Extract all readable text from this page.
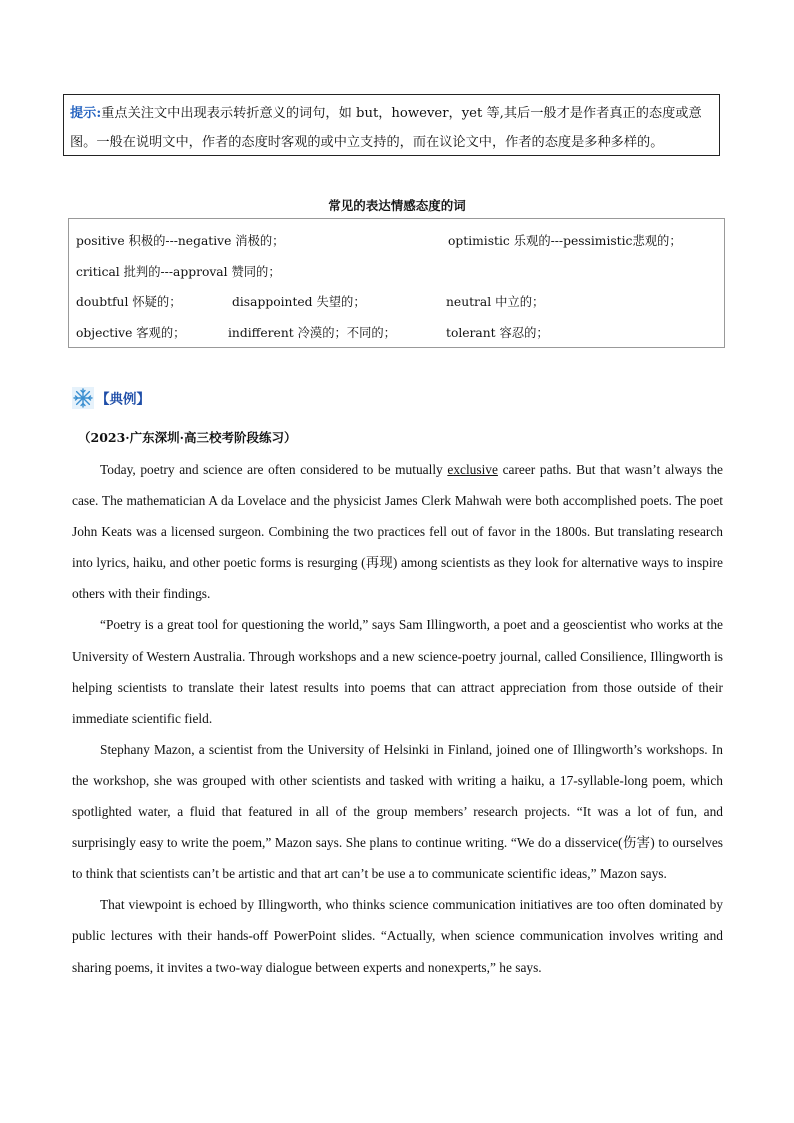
提示:重点关注文中出现表示转折意义的词句，如 but，however，yet 等,其后一般才是作者真正的态度或意图。一般在说明文中，作者的态度时客观的或中立支持的，而在议论文中，作者的态度是多种多样的。
常见的表达情感态度的词
positive 积极的---negative 消极的；	optimistic 乐观的---pessimistic悲观的；
critical 批判的---approval 赞同的；
doubtful 怀疑的；	disappointed 失望的；	neutral 中立的；
objective 客观的；	indifferent 冷漠的；不同的；	tolerant 容忍的；
【典例】
（2023·广东深圳·高三校考阶段练习）

Today, poetry and science are often considered to be mutually exclusive career paths. But that wasn’t always the case. The mathematician A da Lovelace and the physicist James Clerk Mahwah were both accomplished poets. The poet John Keats was a licensed surgeon. Combining the two practices fell out of favor in the 1800s. But translating research into lyrics, haiku, and other poetic forms is resurging (再现) among scientists as they look for alternative ways to inspire others with their findings.

“Poetry is a great tool for questioning the world,” says Sam Illingworth, a poet and a geoscientist who works at the University of Western Australia. Through workshops and a new science-poetry journal, called Consilience, Illingworth is helping scientists to translate their latest results into poems that can attract appreciation from those outside of their immediate scientific field.

Stephany Mazon, a scientist from the University of Helsinki in Finland, joined one of Illingworth’s workshops. In the workshop, she was grouped with other scientists and tasked with writing a haiku, a 17-syllable-long poem, which spotlighted water, a fluid that featured in all of the group members’ research projects. “It was a lot of fun, and surprisingly easy to write the poem,” Mazon says. She plans to continue writing. “We do a disservice(伤害) to ourselves to think that scientists can’t be artistic and that art can’t be use a to communicate scientific ideas,” Mazon says.

That viewpoint is echoed by Illingworth, who thinks science communication initiatives are too often dominated by public lectures with their hands-off PowerPoint slides. “Actually, when science communication involves writing and sharing poems, it invites a two-way dialogue between experts and nonexperts,” he says.
